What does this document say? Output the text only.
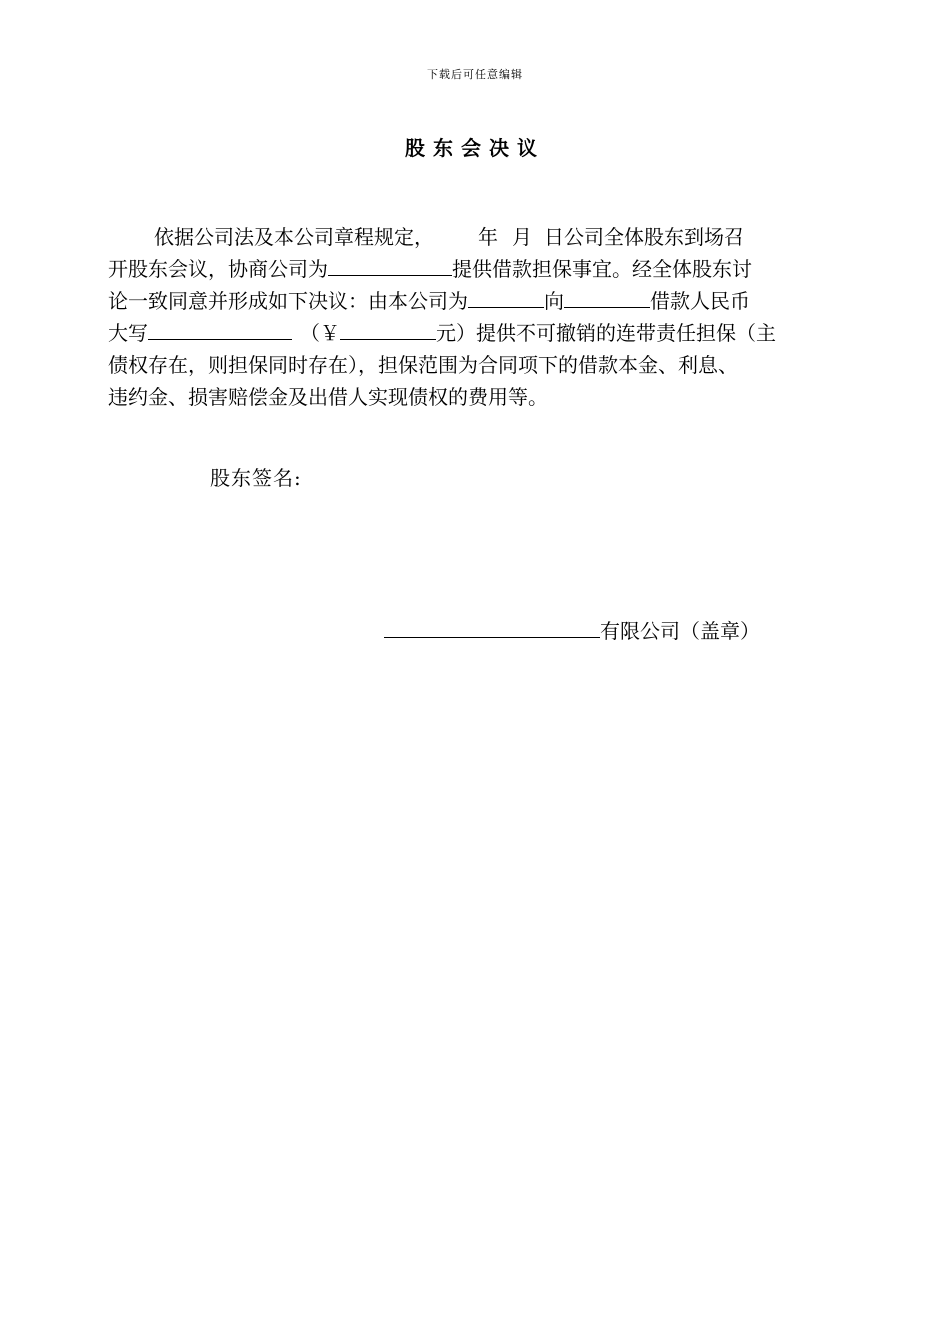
下载后可任意编辑
股东会决议
依据公司法及本公司章程规定， 年 月 日公司全体股东到场召
开股东会议，协商公司为	提供借款担保事宜。经全体股东讨
论一致同意并形成如下决议：由本公司为	向	借款人民币
大写	（￥	元）提供不可撤销的连带责任担保（主
债权存在，则担保同时存在），担保范围为合同项下的借款本金、利息、
违约金、损害赔偿金及出借人实现债权的费用等。
股东签名:
有限公司（盖章）
